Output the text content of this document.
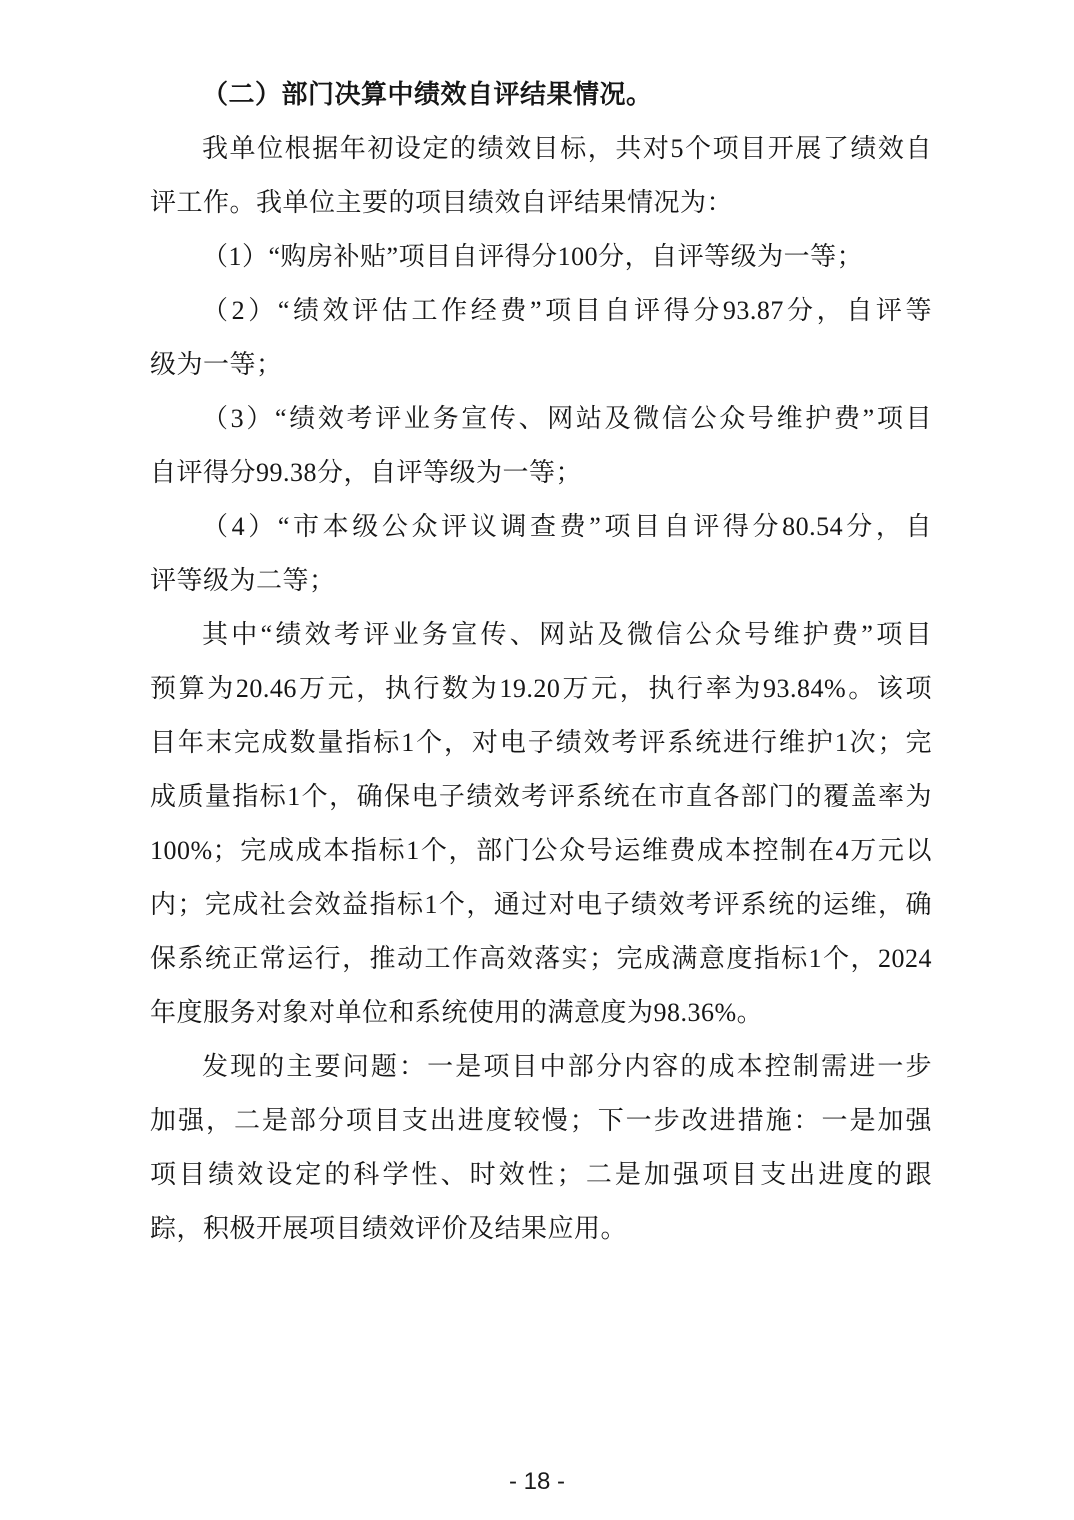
（二）部门决算中绩效自评结果情况。
我单位根据年初设定的绩效目标，共对5个项目开展了绩效自
评工作。我单位主要的项目绩效自评结果情况为：
（1）“购房补贴”项目自评得分100分，自评等级为一等；
（2）“绩效评估工作经费”项目自评得分93.87分，自评等
级为一等；
（3）“绩效考评业务宣传、网站及微信公众号维护费”项目
自评得分99.38分，自评等级为一等；
（4）“市本级公众评议调查费”项目自评得分80.54分，自
评等级为二等；
其中“绩效考评业务宣传、网站及微信公众号维护费”项目
预算为20.46万元，执行数为19.20万元，执行率为93.84%。该项
目年末完成数量指标1个，对电子绩效考评系统进行维护1次；完
成质量指标1个，确保电子绩效考评系统在市直各部门的覆盖率为
100%；完成成本指标1个，部门公众号运维费成本控制在4万元以
内；完成社会效益指标1个，通过对电子绩效考评系统的运维，确
保系统正常运行，推动工作高效落实；完成满意度指标1个，2024
年度服务对象对单位和系统使用的满意度为98.36%。
发现的主要问题：一是项目中部分内容的成本控制需进一步
加强，二是部分项目支出进度较慢；下一步改进措施：一是加强
项目绩效设定的科学性、时效性；二是加强项目支出进度的跟
踪，积极开展项目绩效评价及结果应用。
- 18 -
